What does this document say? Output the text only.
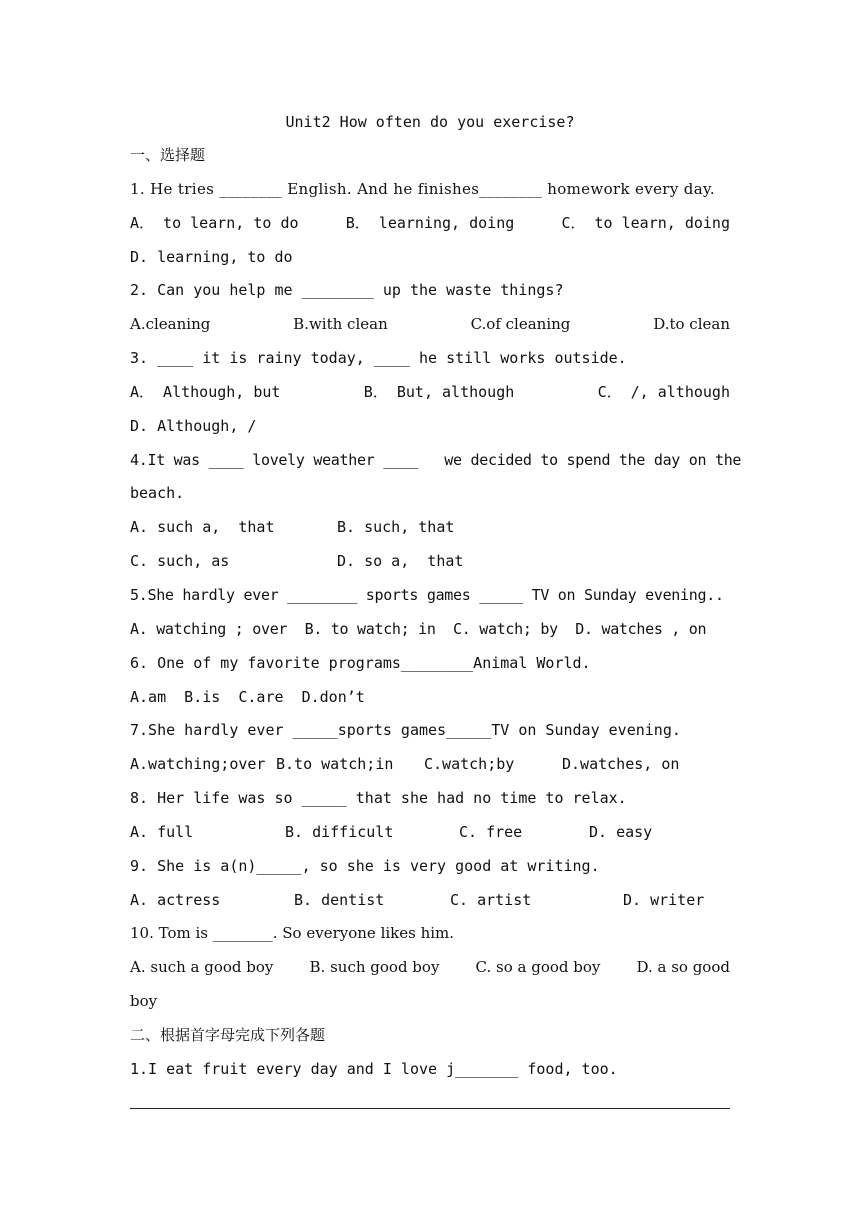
Unit2 How often do you exercise?
一、选择题
1. He tries ________ English. And he finishes________ homework every day.
A． to learn, to do	B． learning, doing	C． to learn, doing
D. learning, to do
2. Can you help me ________ up the waste things?
A.cleaning	B.with clean	C.of cleaning	D.to clean
3. ____ it is rainy today, ____ he still works outside.
A． Although, but	B． But, although	C． /, although
D. Although, /
4.It was ____ lovely weather ____   we decided to spend the day on the
beach.
A. such a,  that	B. such, that
C. such, as	D. so a,  that
5.She hardly ever ________ sports games _____ TV on Sunday evening..
A. watching ; over  B. to watch; in  C. watch; by  D. watches , on
6. One of my favorite programs________Animal World.
A.am  B.is  C.are  D.don’t
7.She hardly ever _____sports games_____TV on Sunday evening.
A.watching;over B.to watch;in C.watch;by	D.watches, on
8. Her life was so _____ that she had no time to relax.
A. full	B. difficult	C. free	D. easy
9. She is a(n)_____, so she is very good at writing.
A. actress	B. dentist	C. artist	D. writer
10. Tom is ________. So everyone likes him.
A. such a good boy B. such good boy C. so a good boy D. a so good
boy
二、根据首字母完成下列各题
1.I eat fruit every day and I love j_______ food, too.
